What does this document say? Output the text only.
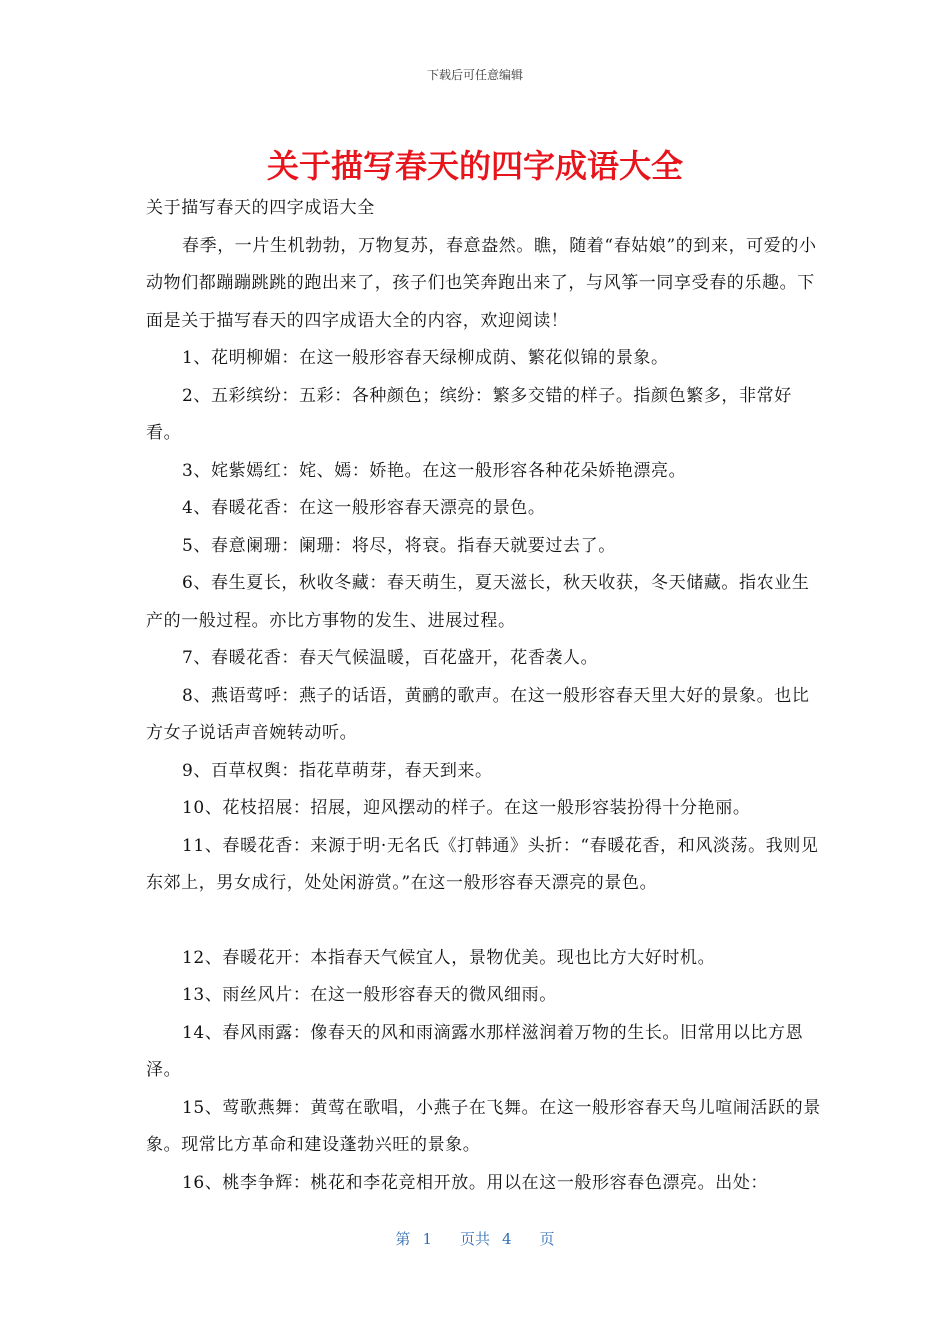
下载后可任意编辑
关于描写春天的四字成语大全

关于描写春天的四字成语大全

春季，一片生机勃勃，万物复苏，春意盎然。瞧，随着“春姑娘”的到来，可爱的小动物们都蹦蹦跳跳的跑出来了，孩子们也笑奔跑出来了，与风筝一同享受春的乐趣。下面是关于描写春天的四字成语大全的内容，欢迎阅读！

1、花明柳媚：在这一般形容春天绿柳成荫、繁花似锦的景象。

2、五彩缤纷：五彩：各种颜色；缤纷：繁多交错的样子。指颜色繁多，非常好看。

3、姹紫嫣红：姹、嫣：娇艳。在这一般形容各种花朵娇艳漂亮。

4、春暖花香：在这一般形容春天漂亮的景色。

5、春意阑珊：阑珊：将尽，将衰。指春天就要过去了。

6、春生夏长，秋收冬藏：春天萌生，夏天滋长，秋天收获，冬天储藏。指农业生产的一般过程。亦比方事物的发生、进展过程。

7、春暖花香：春天气候温暖，百花盛开，花香袭人。

8、燕语莺呼：燕子的话语，黄鹂的歌声。在这一般形容春天里大好的景象。也比方女子说话声音婉转动听。

9、百草权舆：指花草萌芽，春天到来。

10、花枝招展：招展，迎风摆动的样子。在这一般形容装扮得十分艳丽。

11、春暖花香：来源于明·无名氏《打韩通》头折：“春暖花香，和风淡荡。我则见东郊上，男女成行，处处闲游赏。”在这一般形容春天漂亮的景色。

12、春暖花开：本指春天气候宜人，景物优美。现也比方大好时机。

13、雨丝风片：在这一般形容春天的微风细雨。

14、春风雨露：像春天的风和雨滴露水那样滋润着万物的生长。旧常用以比方恩泽。

15、莺歌燕舞：黄莺在歌唱，小燕子在飞舞。在这一般形容春天鸟儿喧闹活跃的景象。现常比方革命和建设蓬勃兴旺的景象。

16、桃李争辉：桃花和李花竞相开放。用以在这一般形容春色漂亮。出处：

第 1 页共 4 页
